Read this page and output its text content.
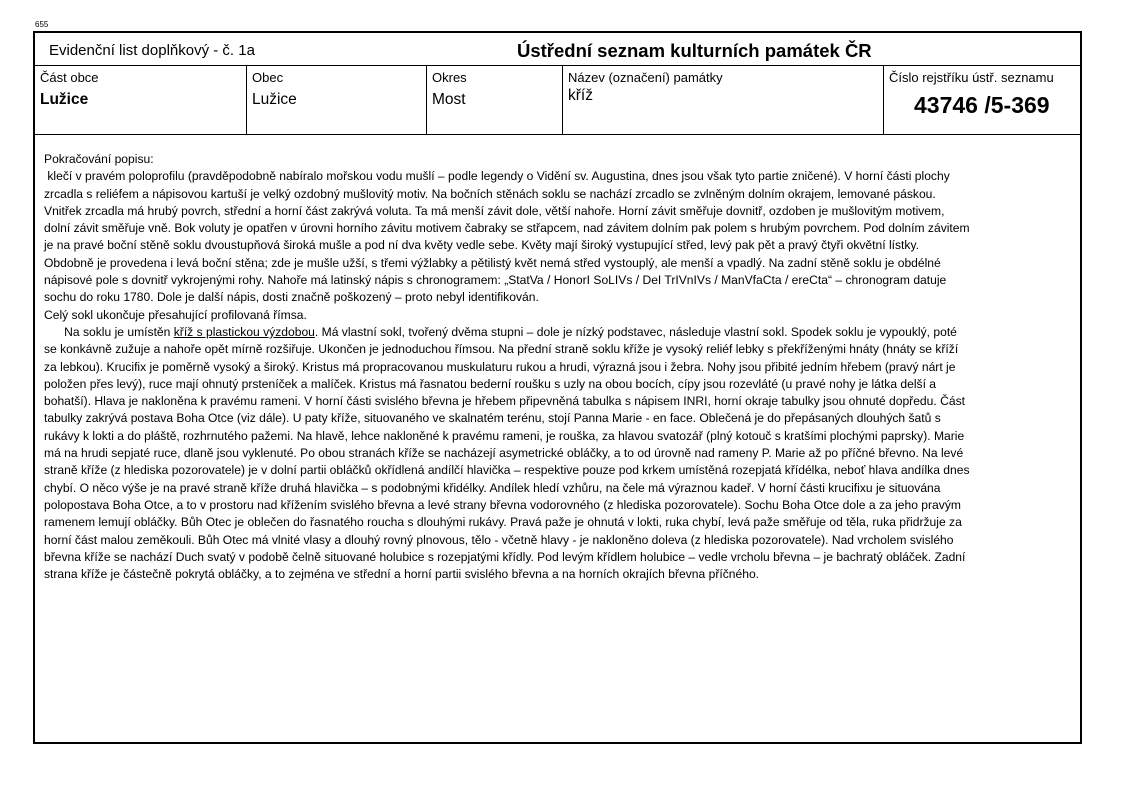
655
Evidenční list doplňkový - č. 1a	Ústřední seznam kulturních památek ČR
Část obce
Lužice
Obec
Lužice
Okres
Most
Název (označení) památky
kříž
Číslo rejstříku ústř. seznamu
43746 /5-369
Pokračování popisu:
klečí v pravém poloprofilu (pravděpodobně nabíralo mořskou vodu mušlí – podle legendy o Vidění sv. Augustina, dnes jsou však tyto partie zničené). V horní části plochy
zrcadla s reliéfem a nápisovou kartuší je velký ozdobný mušlovitý motiv. Na bočních stěnách soklu se nachází zrcadlo se zvlněným dolním okrajem, lemované páskou.
Vnitřek zrcadla má hrubý povrch, střední a horní část zakrývá voluta. Ta má menší závit dole, větší nahoře. Horní závit směřuje dovnitř, ozdoben je mušlovitým motivem,
dolní závit směřuje vně. Bok voluty je opatřen v úrovni horního závitu motivem čabraky se střapcem, nad závitem dolním pak polem s hrubým povrchem. Pod dolním závitem
je na pravé boční stěně soklu dvoustupňová široká mušle a pod ní dva květy vedle sebe. Květy mají široký vystupující střed, levý pak pět a pravý čtyři okvětní lístky.
Obdobně je provedena i levá boční stěna; zde je mušle užší, s třemi výžlabky a pětilistý květ nemá střed vystouplý, ale menší a vpadlý. Na zadní stěně soklu je obdélné
nápisové pole s dovnitř vykrojenými rohy. Nahoře má latinský nápis s chronogramem: „StatVa / HonorI SoLIVs / DeI TrIVnIVs / ManVfaCta / ereCta“ – chronogram datuje
sochu do roku 1780. Dole je další nápis, dosti značně poškozený – proto nebyl identifikován.
Celý sokl ukončuje přesahující profilovaná římsa.
Na soklu je umístěn kříž s plastickou výzdobou. Má vlastní sokl, tvořený dvěma stupni – dole je nízký podstavec, následuje vlastní sokl. Spodek soklu je vypouklý, poté
se konkávně zužuje a nahoře opět mírně rozšiřuje. Ukončen je jednoduchou římsou. Na přední straně soklu kříže je vysoký reliéf lebky s překříženými hnáty (hnáty se kříží
za lebkou). Krucifix je poměrně vysoký a široký. Kristus má propracovanou muskulaturu rukou a hrudi, výrazná jsou i žebra. Nohy jsou přibité jedním hřebem (pravý nárt je
položen přes levý), ruce mají ohnutý prsteníček a malíček. Kristus má řasnatou bederní roušku s uzly na obou bocích, cípy jsou rozevláté (u pravé nohy je látka delší a
bohatší). Hlava je nakloněna k pravému rameni. V horní části svislého břevna je hřebem připevněná tabulka s nápisem INRI, horní okraje tabulky jsou ohnuté dopředu. Část
tabulky zakrývá postava Boha Otce (viz dále). U paty kříže, situovaného ve skalnatém terénu, stojí Panna Marie - en face. Oblečená je do přepásaných dlouhých šatů s
rukávy k lokti a do pláště, rozhrnutého pažemi. Na hlavě, lehce nakloněné k pravému rameni, je rouška, za hlavou svatozář (plný kotouč s kratšími plochými paprsky). Marie
má na hrudi sepjaté ruce, dlaně jsou vyklenuté. Po obou stranách kříže se nacházejí asymetrické obláčky, a to od úrovně nad rameny P. Marie až po příčné břevno. Na levé
straně kříže (z hlediska pozorovatele) je v dolní partii obláčků okřídlená andílčí hlavička – respektive pouze pod krkem umístěná rozepjatá křídélka, neboť hlava andílka dnes
chybí. O něco výše je na pravé straně kříže druhá hlavička – s podobnými křidélky. Andílek hledí vzhůru, na čele má výraznou kadeř. V horní části krucifixu je situována
polopostava Boha Otce, a to v prostoru nad křížením svislého břevna a levé strany břevna vodorovného (z hlediska pozorovatele). Sochu Boha Otce dole a za jeho pravým
ramenem lemují obláčky. Bůh Otec je oblečen do řasnatého roucha s dlouhými rukávy. Pravá paže je ohnutá v lokti, ruka chybí, levá paže směřuje od těla, ruka přidržuje za
horní část malou zeměkouli. Bůh Otec má vlnité vlasy a dlouhý rovný plnovous, tělo - včetně hlavy - je nakloněno doleva (z hlediska pozorovatele). Nad vrcholem svislého
břevna kříže se nachází Duch svatý v podobě čelně situované holubice s rozepjatými křídly. Pod levým křídlem holubice – vedle vrcholu břevna – je bachratý obláček. Zadní
strana kříže je částečně pokrytá obláčky, a to zejména ve střední a horní partii svislého břevna a na horních okrajích břevna příčného.
